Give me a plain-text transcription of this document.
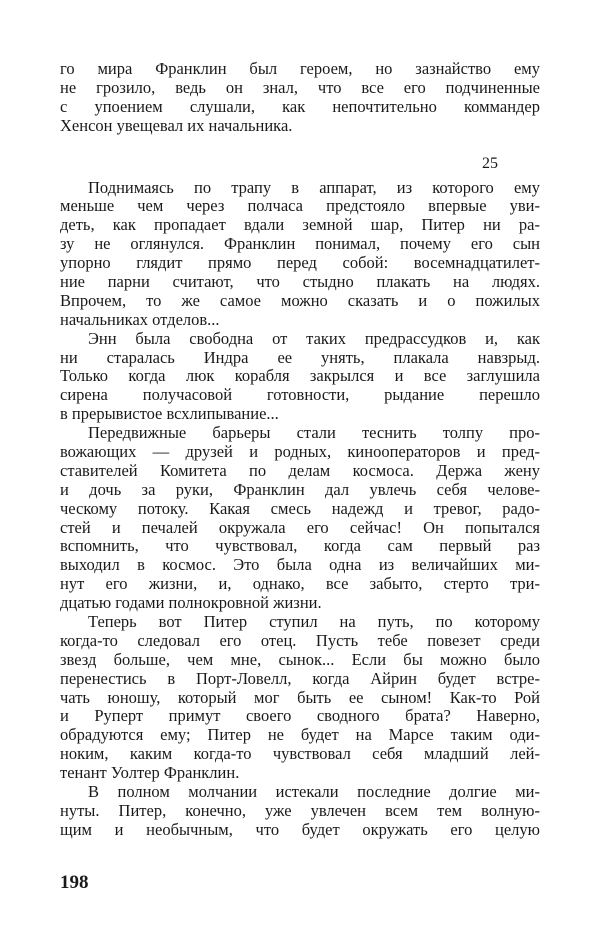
го мира Франклин был героем, но зазнайство ему
не грозило, ведь он знал, что все его подчиненные
с упоением слушали, как непочтительно коммандер
Хенсон увещевал их начальника.
25
Поднимаясь по трапу в аппарат, из которого ему
меньше чем через полчаса предстояло впервые уви-
деть, как пропадает вдали земной шар, Питер ни ра-
зу не оглянулся. Франклин понимал, почему его сын
упорно глядит прямо перед собой: восемнадцатилет-
ние парни считают, что стыдно плакать на людях.
Впрочем, то же самое можно сказать и о пожилых
начальниках отделов...
Энн была свободна от таких предрассудков и, как
ни старалась Индра ее унять, плакала навзрыд.
Только когда люк корабля закрылся и все заглушила
сирена получасовой готовности, рыдание перешло
в прерывистое всхлипывание...
Передвижные барьеры стали теснить толпу про-
вожающих — друзей и родных, кинооператоров и пред-
ставителей Комитета по делам космоса. Держа жену
и дочь за руки, Франклин дал увлечь себя челове-
ческому потоку. Какая смесь надежд и тревог, радо-
стей и печалей окружала его сейчас! Он попытался
вспомнить, что чувствовал, когда сам первый раз
выходил в космос. Это была одна из величайших ми-
нут его жизни, и, однако, все забыто, стерто три-
дцатью годами полнокровной жизни.
Теперь вот Питер ступил на путь, по которому
когда-то следовал его отец. Пусть тебе повезет среди
звезд больше, чем мне, сынок... Если бы можно было
перенестись в Порт-Ловелл, когда Айрин будет встре-
чать юношу, который мог быть ее сыном! Как-то Рой
и Руперт примут своего сводного брата? Наверно,
обрадуются ему; Питер не будет на Марсе таким оди-
ноким, каким когда-то чувствовал себя младший лей-
тенант Уолтер Франклин.
В полном молчании истекали последние долгие ми-
нуты. Питер, конечно, уже увлечен всем тем волную-
щим и необычным, что будет окружать его целую
198
